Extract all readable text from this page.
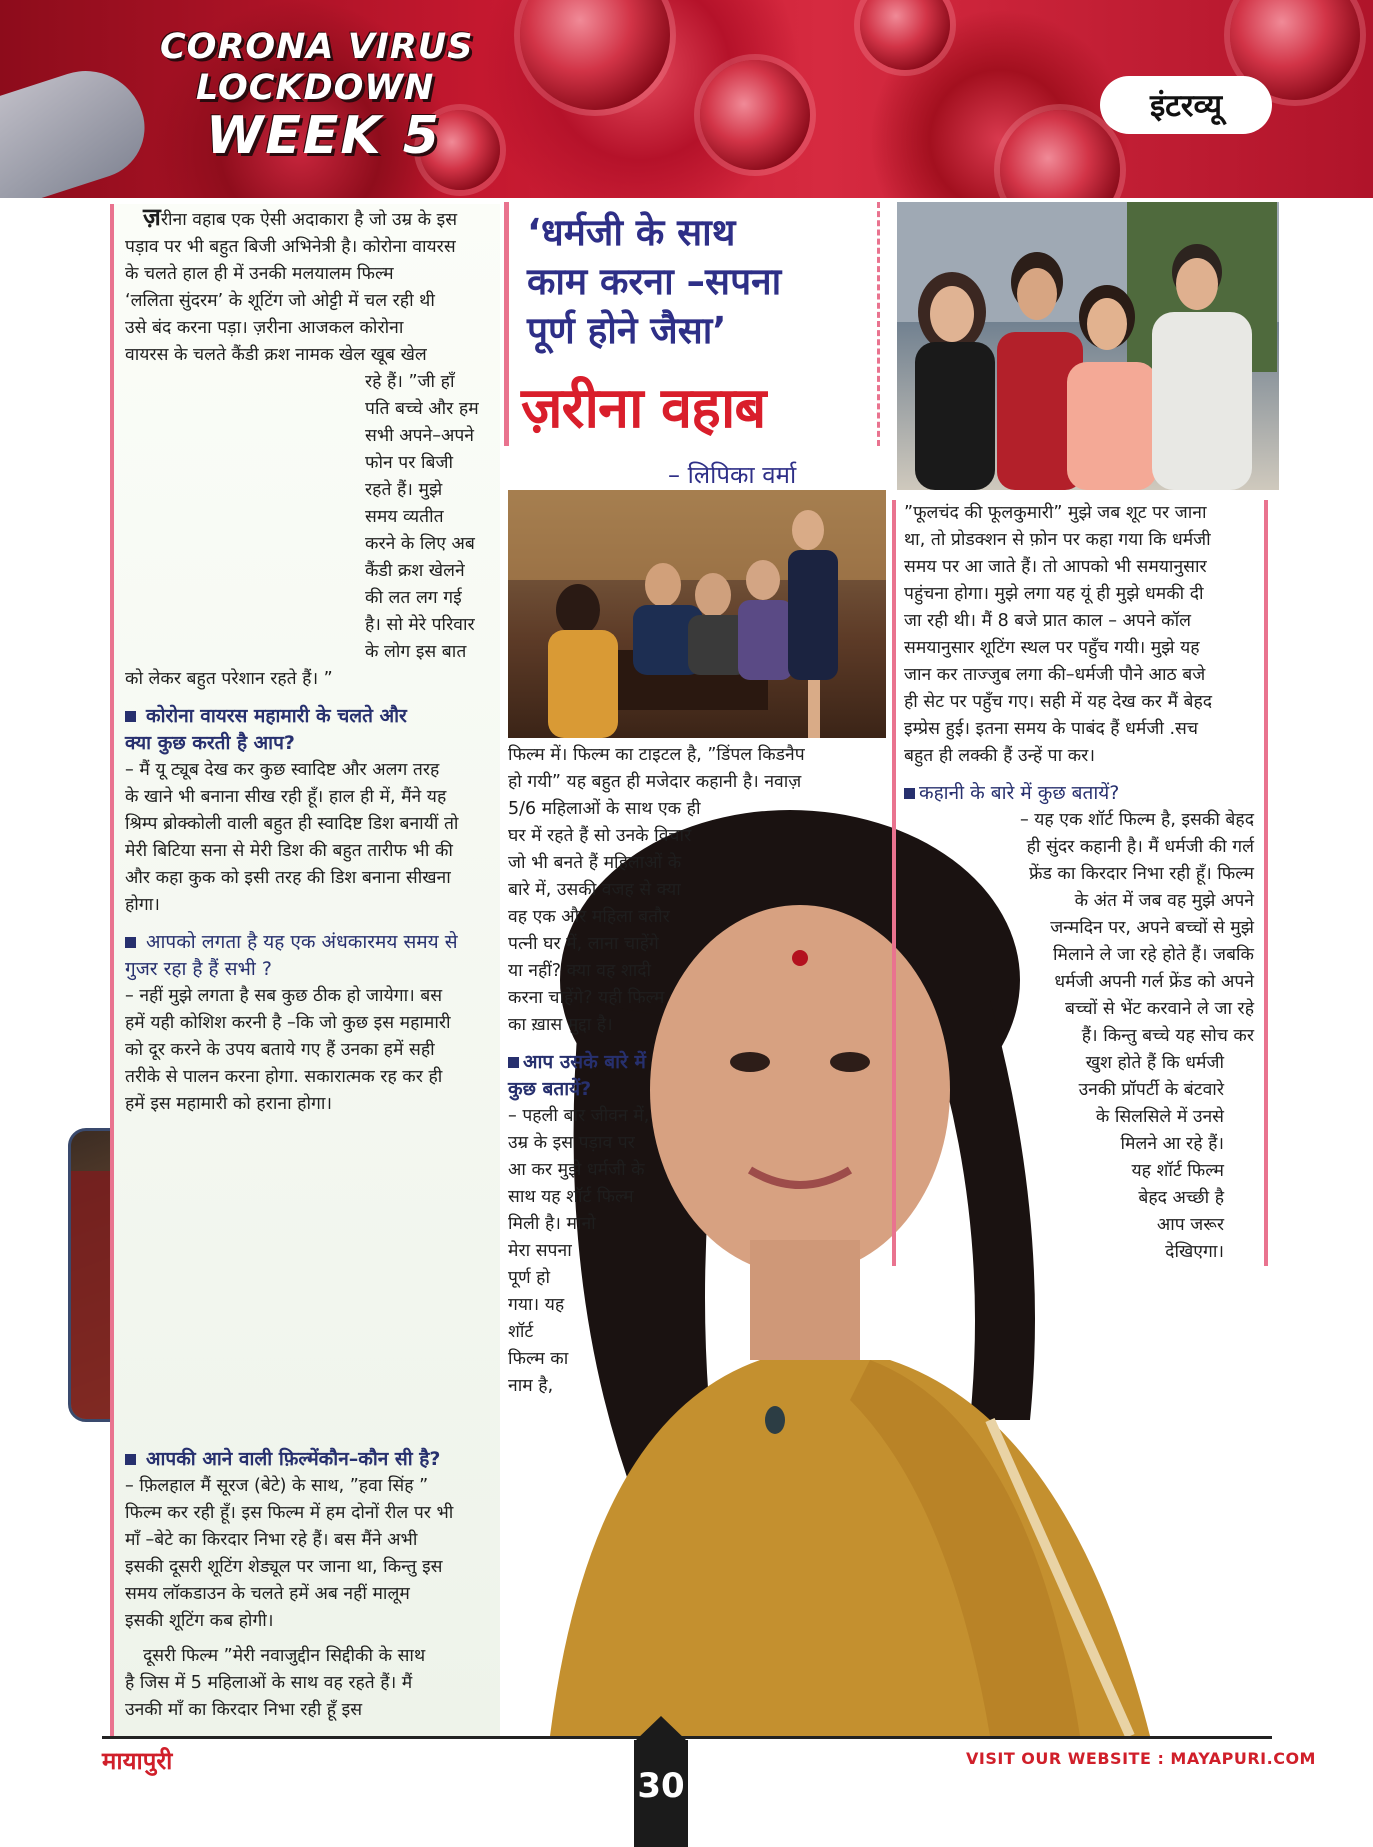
CORONA VIRUS
LOCKDOWN
WEEK 5	इंटरव्यू
‘धर्मजी के साथ
काम करना –सपना
पूर्ण होने जैसा’
ज़रीना वहाब
– लिपिका वर्मा
ज़रीना वहाब एक ऐसी अदाकारा है जो उम्र के इस
पड़ाव पर भी बहुत बिजी अभिनेत्री है। कोरोना वायरस
के चलते हाल ही में उनकी मलयालम फिल्म
‘ललिता सुंदरम’ के शूटिंग जो ओट्टी में चल रही थी
उसे बंद करना पड़ा। ज़रीना आजकल कोरोना
वायरस के चलते कैंडी क्रश नामक खेल खूब खेल
रहे हैं। ”जी हाँ
पति बच्चे और हम
सभी अपने–अपने
फोन पर बिजी
रहते हैं। मुझे
समय व्यतीत
करने के लिए अब
कैंडी क्रश खेलने
की लत लग गई
है। सो मेरे परिवार
के लोग इस बात
को लेकर बहुत परेशान रहते हैं। ”
कोरोना वायरस महामारी के चलते और
क्या कुछ करती है आप?
– मैं यू ट्यूब देख कर कुछ स्वादिष्ट और अलग तरह
के खाने भी बनाना सीख रही हूँ। हाल ही में, मैंने यह
श्रिम्प ब्रोक्कोली वाली बहुत ही स्वादिष्ट डिश बनायीं तो
मेरी बिटिया सना से मेरी डिश की बहुत तारीफ भी की
और कहा कुक को इसी तरह की डिश बनाना सीखना
होगा।
आपको लगता है यह एक अंधकारमय समय से
गुजर रहा है हैं सभी ?
– नहीं मुझे लगता है सब कुछ ठीक हो जायेगा। बस
हमें यही कोशिश करनी है –कि जो कुछ इस महामारी
को दूर करने के उपय बताये गए हैं उनका हमें सही
तरीके से पालन करना होगा. सकारात्मक रह कर ही
हमें इस महामारी को हराना होगा।
आपकी आने वाली फ़िल्मेंकौन–कौन सी है?
– फ़िलहाल मैं सूरज (बेटे) के साथ, ”हवा सिंह ”
फिल्म कर रही हूँ। इस फिल्म में हम दोनों रील पर भी
माँ –बेटे का किरदार निभा रहे हैं। बस मैंने अभी
इसकी दूसरी शूटिंग शेड्यूल पर जाना था, किन्तु इस
समय लॉकडाउन के चलते हमें अब नहीं मालूम
इसकी शूटिंग कब होगी।
दूसरी फिल्म ”मेरी नवाजुद्दीन सिद्दीकी के साथ
है जिस में 5 महिलाओं के साथ वह रहते हैं। मैं
उनकी माँ का किरदार निभा रही हूँ इस
फिल्म में। फिल्म का टाइटल है, ”डिंपल किडनैप
हो गयी” यह बहुत ही मजेदार कहानी है। नवाज़
5/6 महिलाओं के साथ एक ही
घर में रहते हैं सो उनके विचार
जो भी बनते हैं महिलाओं के
बारे में, उसकी वजह से क्या
वह एक और महिला बतौर
पत्नी घर में, लाना चाहेंगे
या नहीं? क्या वह शादी
करना चाहेंगे? यही फिल्म
का ख़ास मुद्दा है।
आप उसके बारे में
कुछ बतायें?
– पहली बार जीवन में,
उम्र के इस पड़ाव पर
आ कर मुझे धर्मजी के
साथ यह शॉर्ट फिल्म
मिली है। मानो
मेरा सपना
पूर्ण हो
गया। यह
शॉर्ट
फिल्म का
नाम है,
”फूलचंद की फूलकुमारी” मुझे जब शूट पर जाना
था, तो प्रोडक्शन से फ़ोन पर कहा गया कि धर्मजी
समय पर आ जाते हैं। तो आपको भी समयानुसार
पहुंचना होगा। मुझे लगा यह यूं ही मुझे धमकी दी
जा रही थी। मैं 8 बजे प्रात काल – अपने कॉल
समयानुसार शूटिंग स्थल पर पहुँच गयी। मुझे यह
जान कर ताज्जुब लगा की–धर्मजी पौने आठ बजे
ही सेट पर पहुँच गए। सही में यह देख कर मैं बेहद
इम्प्रेस हुई। इतना समय के पाबंद हैं धर्मजी .सच
बहुत ही लक्की हैं उन्हें पा कर।
कहानी के बारे में कुछ बतायें?
– यह एक शॉर्ट फिल्म है, इसकी बेहद
ही सुंदर कहानी है। मैं धर्मजी की गर्ल
फ्रेंड का किरदार निभा रही हूँ। फिल्म
के अंत में जब वह मुझे अपने
जन्मदिन पर, अपने बच्चों से मुझे
मिलाने ले जा रहे होते हैं। जबकि
धर्मजी अपनी गर्ल फ्रेंड को अपने
बच्चों से भेंट करवाने ले जा रहे
हैं। किन्तु बच्चे यह सोच कर
खुश होते हैं कि धर्मजी
उनकी प्रॉपर्टी के बंटवारे
के सिलसिले में उनसे
मिलने आ रहे हैं।
यह शॉर्ट फिल्म
बेहद अच्छी है
आप जरूर
देखिएगा।
मायापुरी	VISIT OUR WEBSITE : MAYAPURI.COM
30
